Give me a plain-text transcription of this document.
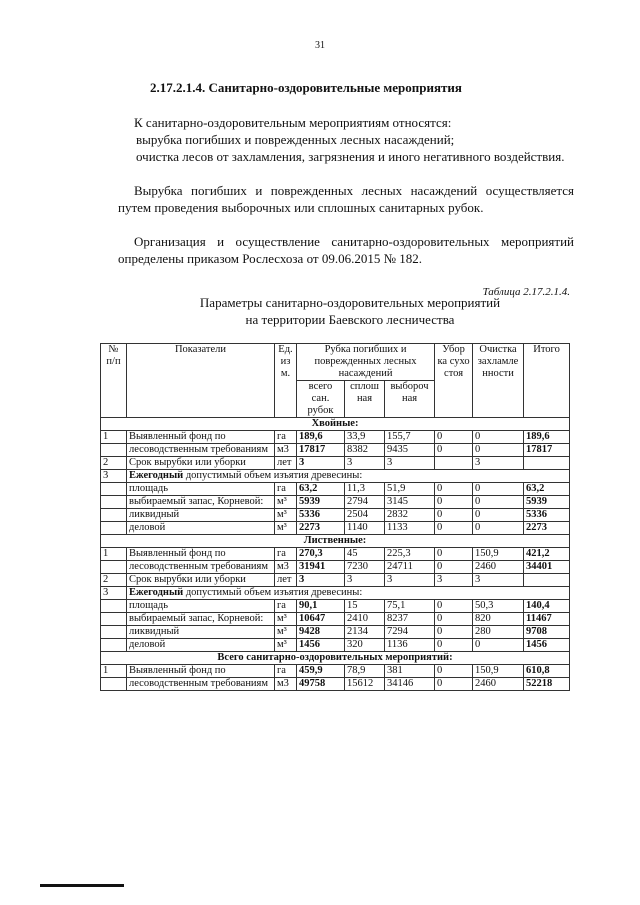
31
2.17.2.1.4. Санитарно-оздоровительные мероприятия
К санитарно-оздоровительным мероприятиям относятся:
вырубка погибших и поврежденных лесных насаждений;
очистка лесов от захламления, загрязнения и иного негативного воздействия.
Вырубка погибших и поврежденных лесных насаждений осуществляется путем проведения выборочных или сплошных санитарных рубок.
Организация и осуществление санитарно-оздоровительных мероприятий определены приказом Рослесхоза от 09.06.2015 № 182.
Таблица 2.17.2.1.4.
Параметры санитарно-оздоровительных мероприятий
на территории Баевского лесничества
№ п/п	Показатели	Ед. из м.	Рубка погибших и поврежденных лесных насаждений			Убор ка сухо стоя	Очистка захламле нности	Итого
			всего сан. рубок	сплош ная	выбороч ная			
Хвойные:								
1	Выявленный фонд по	га	189,6	33,9	155,7	0	0	189,6
	лесоводственным требованиям	м3	17817	8382	9435	0	0	17817
2	Срок вырубки или уборки	лет	3	3	3		3	
3	Ежегодный допустимый объем изъятия древесины:							
	площадь	га	63,2	11,3	51,9	0	0	63,2
	выбираемый запас, Корневой:	м³	5939	2794	3145	0	0	5939
	ликвидный	м³	5336	2504	2832	0	0	5336
	деловой	м³	2273	1140	1133	0	0	2273
Лиственные:								
1	Выявленный фонд по	га	270,3	45	225,3	0	150,9	421,2
	лесоводственным требованиям	м3	31941	7230	24711	0	2460	34401
2	Срок вырубки или уборки	лет	3	3	3	3	3	
3	Ежегодный допустимый объем изъятия древесины:							
	площадь	га	90,1	15	75,1	0	50,3	140,4
	выбираемый запас, Корневой:	м³	10647	2410	8237	0	820	11467
	ликвидный	м³	9428	2134	7294	0	280	9708
	деловой	м³	1456	320	1136	0	0	1456
Всего санитарно-оздоровительных мероприятий:								
1	Выявленный фонд по	га	459,9	78,9	381	0	150,9	610,8
	лесоводственным требованиям	м3	49758	15612	34146	0	2460	52218
